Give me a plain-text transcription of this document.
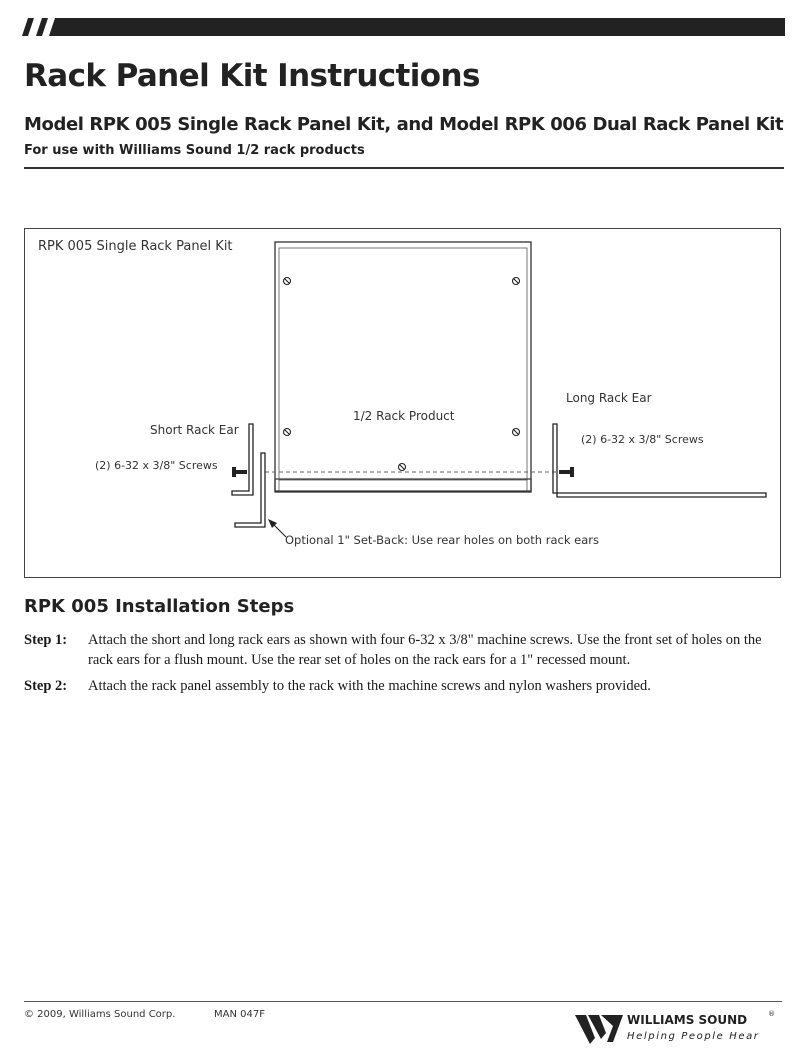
Rack Panel Kit Instructions
Model RPK 005 Single Rack Panel Kit, and Model RPK 006 Dual Rack Panel Kit

For use with Williams Sound 1/2 rack products

RPK 005 Single Rack Panel Kit
1/2 Rack Product
Short Rack Ear
Long Rack Ear
(2) 6-32 x 3/8" Screws
(2) 6-32 x 3/8" Screws
Optional 1" Set-Back: Use rear holes on both rack ears
RPK 005 Installation Steps
Step 1: Attach the short and long rack ears as shown with four 6-32 x 3/8" machine screws. Use the front set of holes on the rack ears for a flush mount. Use the rear set of holes on the rack ears for a 1" recessed mount.
Step 2: Attach the rack panel assembly to the rack with the machine screws and nylon washers provided.
© 2009, Williams Sound Corp.	MAN 047F	WILLIAMS SOUND	®
Helping People Hear
